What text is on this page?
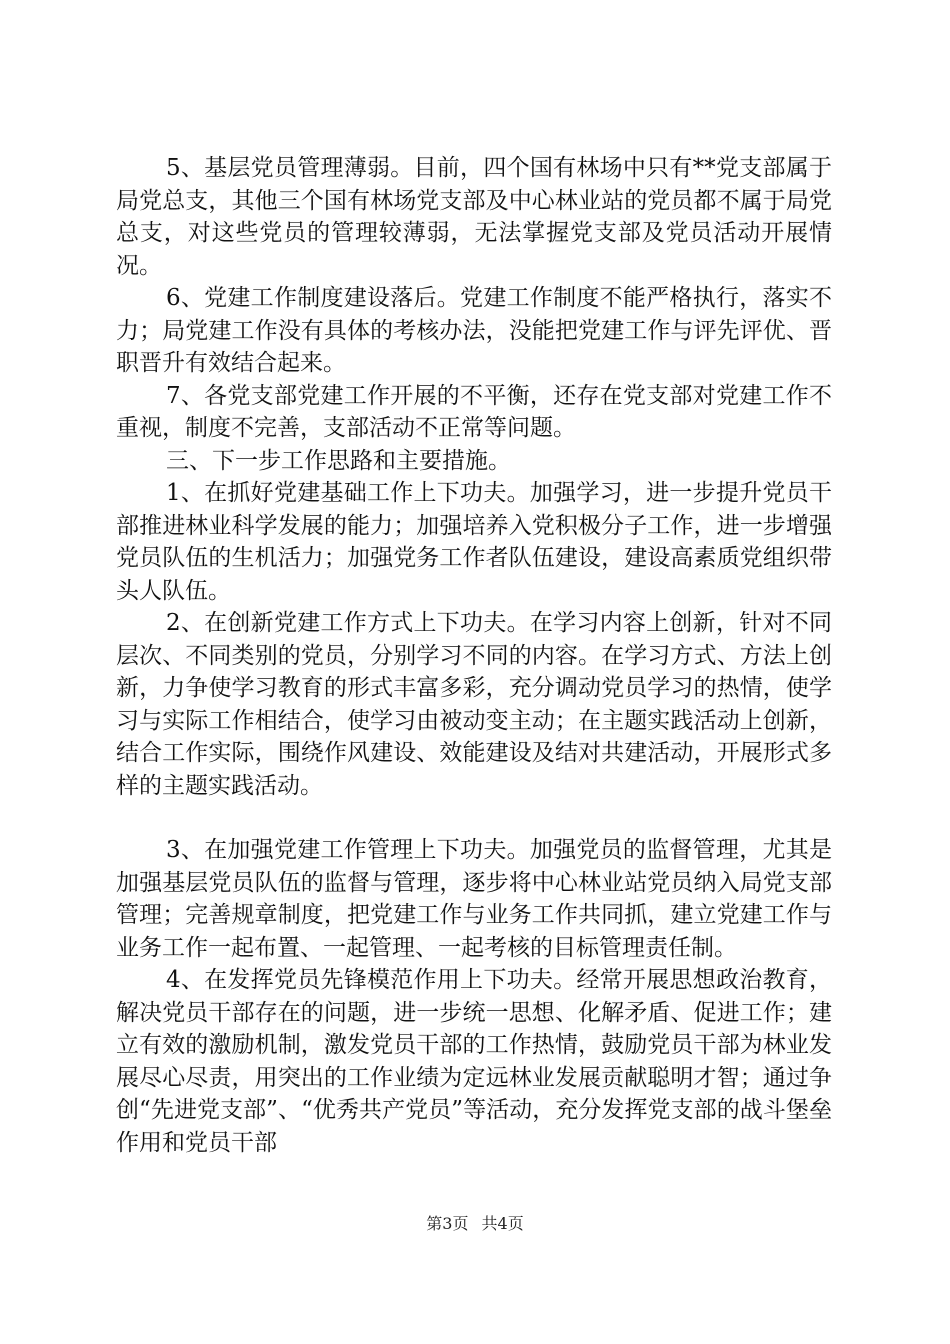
5、基层党员管理薄弱。目前，四个国有林场中只有**党支部属于局党总支，其他三个国有林场党支部及中心林业站的党员都不属于局党总支，对这些党员的管理较薄弱，无法掌握党支部及党员活动开展情况。

6、党建工作制度建设落后。党建工作制度不能严格执行，落实不力；局党建工作没有具体的考核办法，没能把党建工作与评先评优、晋职晋升有效结合起来。

7、各党支部党建工作开展的不平衡，还存在党支部对党建工作不重视，制度不完善，支部活动不正常等问题。

三、下一步工作思路和主要措施。

1、在抓好党建基础工作上下功夫。加强学习，进一步提升党员干部推进林业科学发展的能力；加强培养入党积极分子工作，进一步增强党员队伍的生机活力；加强党务工作者队伍建设，建设高素质党组织带头人队伍。

2、在创新党建工作方式上下功夫。在学习内容上创新，针对不同层次、不同类别的党员，分别学习不同的内容。在学习方式、方法上创新，力争使学习教育的形式丰富多彩，充分调动党员学习的热情，使学习与实际工作相结合，使学习由被动变主动；在主题实践活动上创新，结合工作实际，围绕作风建设、效能建设及结对共建活动，开展形式多样的主题实践活动。

3、在加强党建工作管理上下功夫。加强党员的监督管理，尤其是加强基层党员队伍的监督与管理，逐步将中心林业站党员纳入局党支部管理；完善规章制度，把党建工作与业务工作共同抓，建立党建工作与业务工作一起布置、一起管理、一起考核的目标管理责任制。

4、在发挥党员先锋模范作用上下功夫。经常开展思想政治教育，解决党员干部存在的问题，进一步统一思想、化解矛盾、促进工作；建立有效的激励机制，激发党员干部的工作热情，鼓励党员干部为林业发展尽心尽责，用突出的工作业绩为定远林业发展贡献聪明才智；通过争创“先进党支部”、“优秀共产党员”等活动，充分发挥党支部的战斗堡垒作用和党员干部

第3页 共4页
